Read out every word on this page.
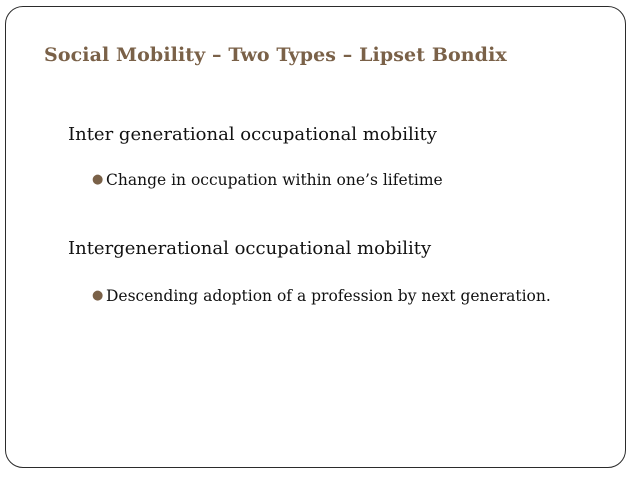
Social Mobility – Two Types – Lipset Bondix

Inter generational occupational mobility

● Change in occupation within one’s lifetime

Intergenerational occupational mobility

● Descending adoption of a profession by next generation.
